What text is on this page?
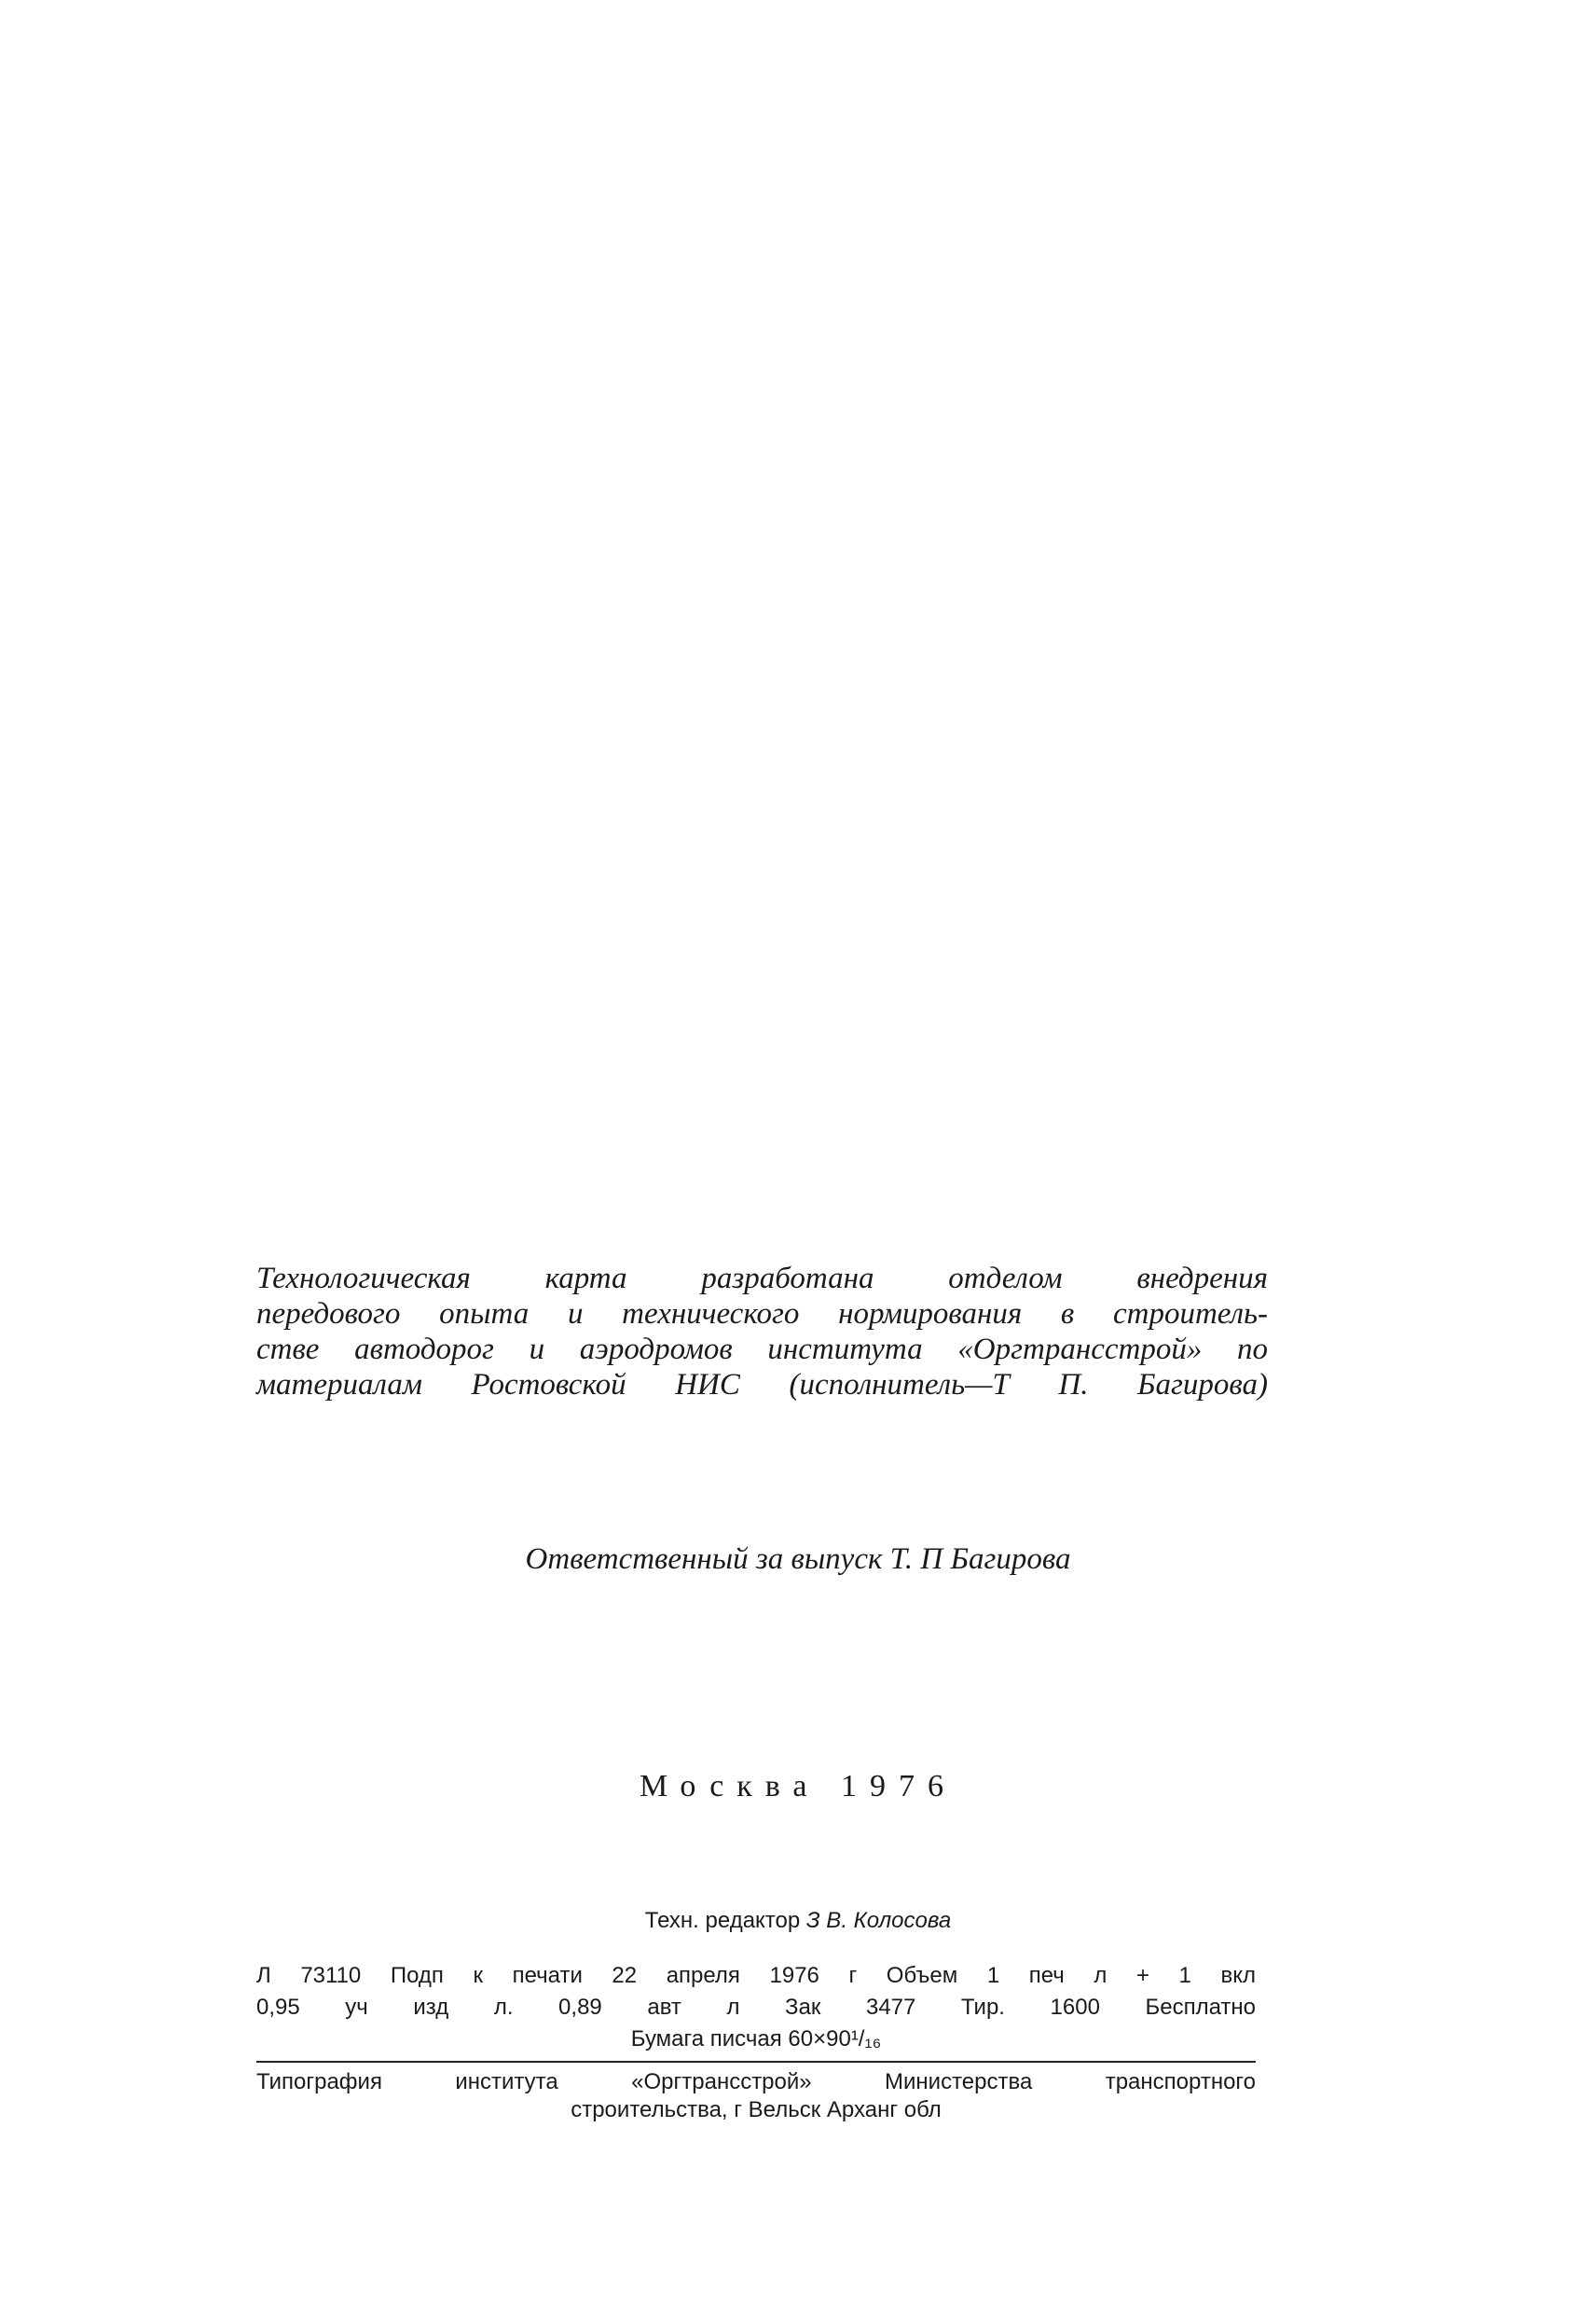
Технологическая карта разработана отделом внедрения
передового опыта и технического нормирования в строитель-
стве автодорог и аэродромов института «Оргтрансстрой» по
материалам Ростовской НИС (исполнитель—Т П. Багирова)
Ответственный за выпуск Т. П Багирова
Москва 1976
Техн. редактор З В. Колосова
Л 73110 Подп к печати 22 апреля 1976 г Объем 1 печ л + 1 вкл
0,95 уч изд л. 0,89 авт л Зак 3477 Тир. 1600 Бесплатно
Бумага писчая 60×90¹/₁₆
Типография института «Оргтрансстрой» Министерства транспортного
строительства, г Вельск Арханг обл
